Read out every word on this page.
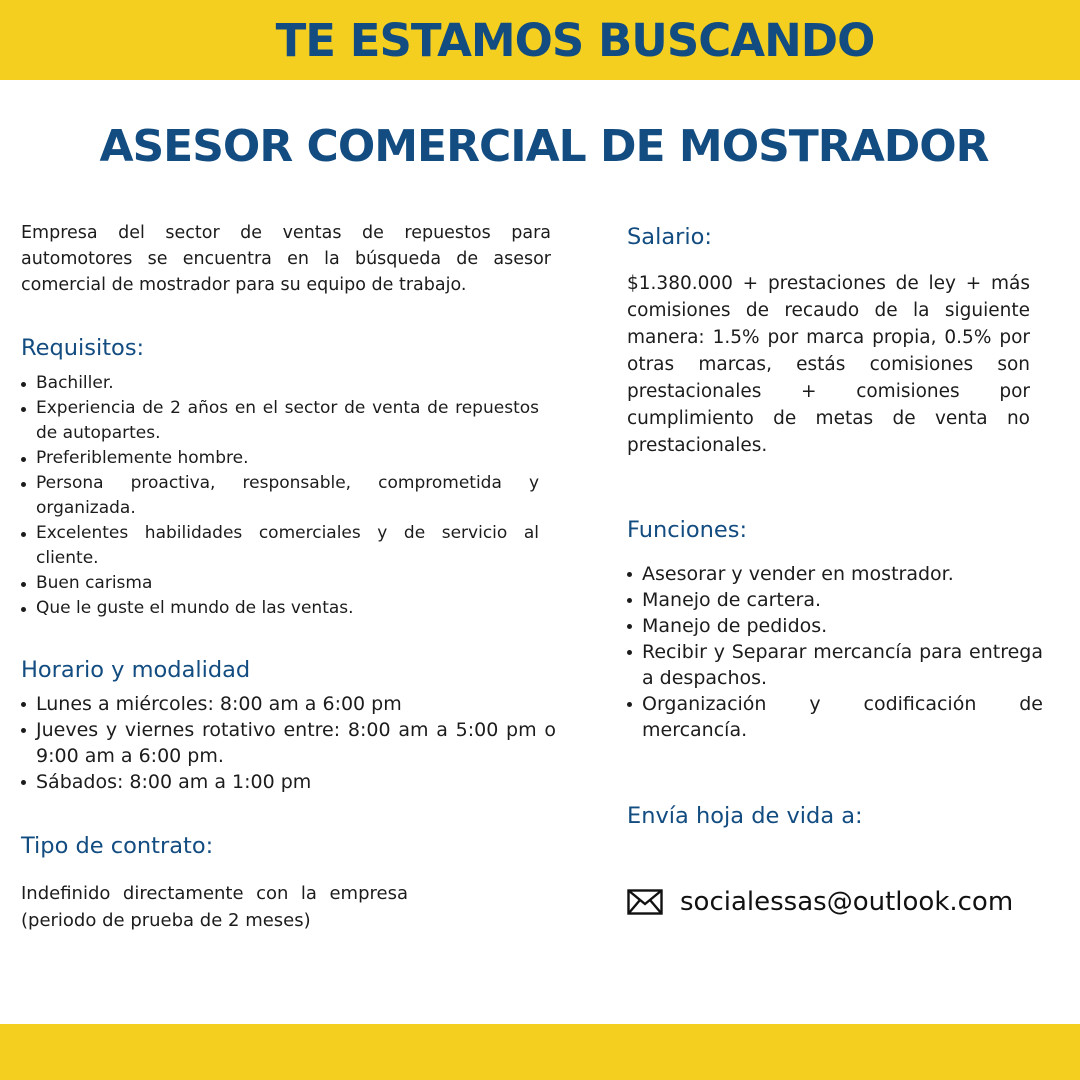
TE ESTAMOS BUSCANDO
ASESOR COMERCIAL DE MOSTRADOR

Empresa del sector de ventas de repuestos para automotores se encuentra en la búsqueda de asesor comercial de mostrador para su equipo de trabajo.

Requisitos:
Bachiller.
Experiencia de 2 años en el sector de venta de repuestos de autopartes.
Preferiblemente hombre.
Persona proactiva, responsable, comprometida y organizada.
Excelentes habilidades comerciales y de servicio al cliente.
Buen carisma
Que le guste el mundo de las ventas.
Horario y modalidad
Lunes a miércoles: 8:00 am a 6:00 pm
Jueves y viernes rotativo entre: 8:00 am a 5:00 pm o 9:00 am a 6:00 pm.
Sábados: 8:00 am a 1:00 pm
Tipo de contrato:

Indefinido directamente con la empresa (periodo de prueba de 2 meses)

Salario:

$1.380.000 + prestaciones de ley + más comisiones de recaudo de la siguiente manera: 1.5% por marca propia, 0.5% por otras marcas, estás comisiones son prestacionales + comisiones por cumplimiento de metas de venta no prestacionales.

Funciones:
Asesorar y vender en mostrador.
Manejo de cartera.
Manejo de pedidos.
Recibir y Separar mercancía para entrega a despachos.
Organización y codificación de mercancía.
Envía hoja de vida a:
socialessas@outlook.com
